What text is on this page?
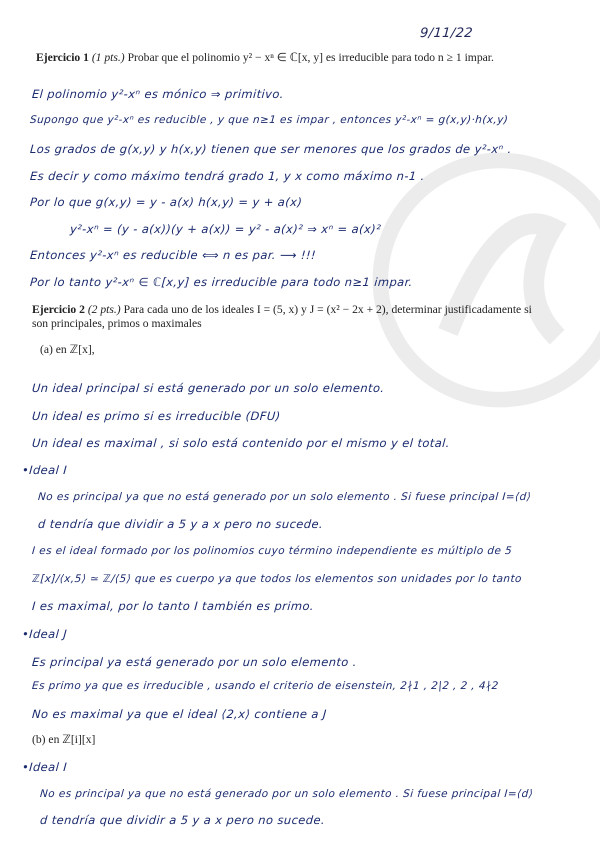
9/11/22
Ejercicio 1 (1 pts.) Probar que el polinomio y² − xⁿ ∈ ℂ[x, y] es irreducible para todo n ≥ 1 impar.
El polinomio y²-xⁿ es mónico ⇒ primitivo.
Supongo que y²-xⁿ es reducible , y que n≥1 es impar , entonces y²-xⁿ = g(x,y)·h(x,y)
Los grados de g(x,y) y h(x,y) tienen que ser menores que los grados de y²-xⁿ .
Es decir y como máximo tendrá grado 1, y x como máximo n-1 .
Por lo que g(x,y) = y - a(x) h(x,y) = y + a(x)
y²-xⁿ = (y - a(x))(y + a(x)) = y² - a(x)² ⇒ xⁿ = a(x)²
Entonces y²-xⁿ es reducible ⟺ n es par. ⟶ !!!
Por lo tanto y²-xⁿ ∈ ℂ[x,y] es irreducible para todo n≥1 impar.
Ejercicio 2 (2 pts.) Para cada uno de los ideales I = (5, x) y J = (x² − 2x + 2), determinar justificadamente si son principales, primos o maximales
(a) en ℤ[x],
Un ideal principal si está generado por un solo elemento.
Un ideal es primo si es irreducible (DFU)
Un ideal es maximal , si solo está contenido por el mismo y el total.
•Ideal I
No es principal ya que no está generado por un solo elemento . Si fuese principal I=⟨d⟩
d tendría que dividir a 5 y a x pero no sucede.
I es el ideal formado por los polinomios cuyo término independiente es múltiplo de 5
ℤ[x]/⟨x,5⟩ ≃ ℤ/⟨5⟩ que es cuerpo ya que todos los elementos son unidades por lo tanto
I es maximal, por lo tanto I también es primo.
•Ideal J
Es principal ya está generado por un solo elemento .
Es primo ya que es irreducible , usando el criterio de eisenstein, 2∤1 , 2|2 , 2 , 4∤2
No es maximal ya que el ideal ⟨2,x⟩ contiene a J
(b) en ℤ[i][x]
•Ideal I
No es principal ya que no está generado por un solo elemento . Si fuese principal I=⟨d⟩
d tendría que dividir a 5 y a x pero no sucede.
